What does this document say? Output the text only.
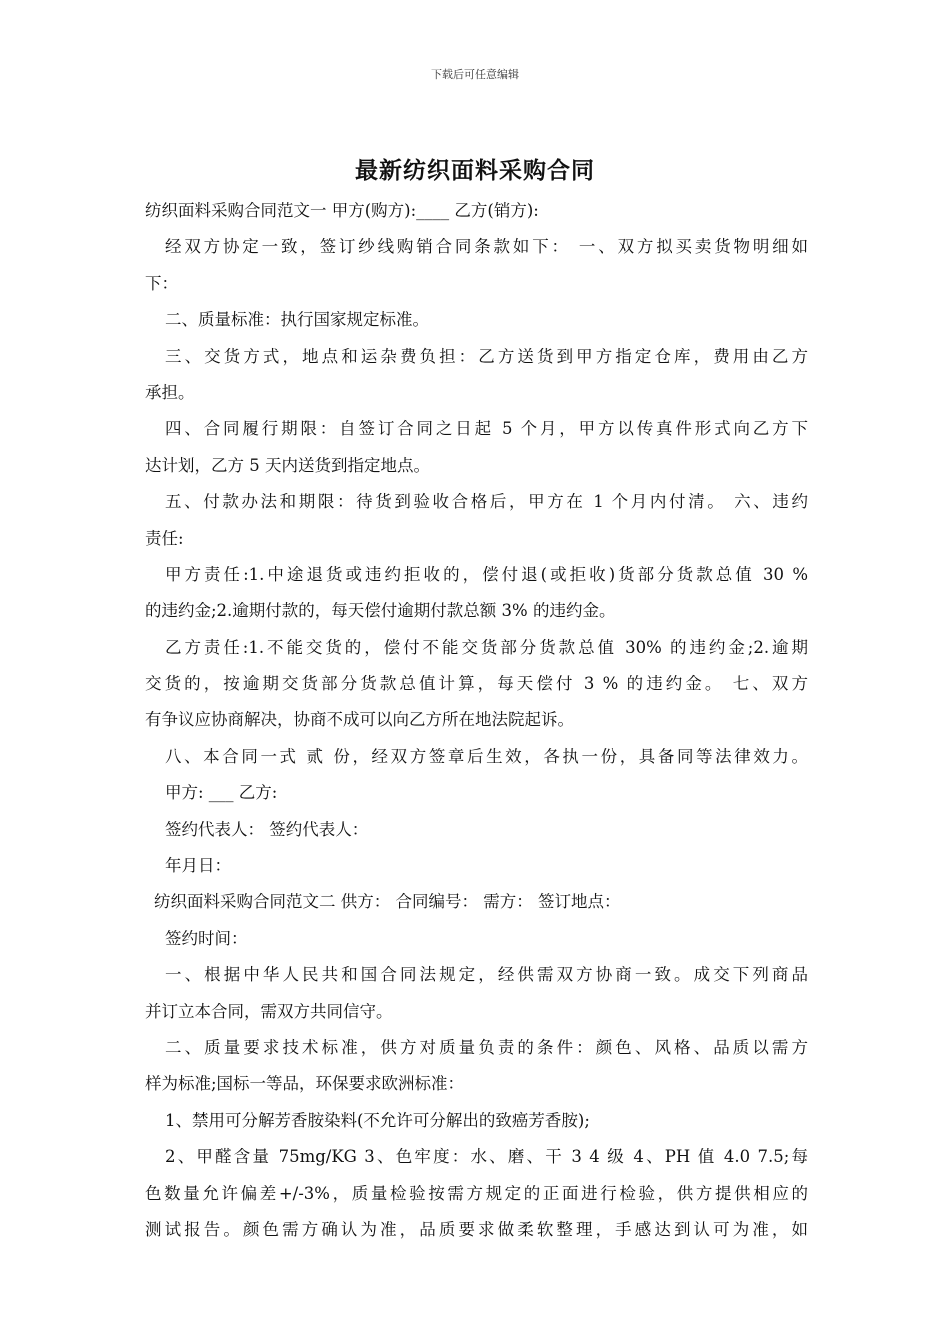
下载后可任意编辑
最新纺织面料采购合同
纺织面料采购合同范文一 甲方(购方):____ 乙方(销方):
经双方协定一致，签订纱线购销合同条款如下： 一、双方拟买卖货物明细如
下：
二、质量标准：执行国家规定标准。
三、交货方式，地点和运杂费负担：乙方送货到甲方指定仓库，费用由乙方
承担。
四、合同履行期限：自签订合同之日起 5 个月，甲方以传真件形式向乙方下
达计划，乙方 5 天内送货到指定地点。
五、付款办法和期限：待货到验收合格后，甲方在 1 个月内付清。 六、违约
责任:
甲方责任:1.中途退货或违约拒收的，偿付退(或拒收)货部分货款总值 30 %
的违约金;2.逾期付款的，每天偿付逾期付款总额 3% 的违约金。
乙方责任:1.不能交货的，偿付不能交货部分货款总值 30% 的违约金;2.逾期
交货的，按逾期交货部分货款总值计算，每天偿付 3 % 的违约金。 七、双方
有争议应协商解决，协商不成可以向乙方所在地法院起诉。
八、本合同一式 贰 份，经双方签章后生效，各执一份，具备同等法律效力。
甲方: ___ 乙方:
签约代表人： 签约代表人：
年月日：
纺织面料采购合同范文二 供方： 合同编号： 需方： 签订地点：
签约时间：
一、根据中华人民共和国合同法规定，经供需双方协商一致。成交下列商品
并订立本合同，需双方共同信守。
二、质量要求技术标准，供方对质量负责的条件：颜色、风格、品质以需方
样为标准;国标一等品，环保要求欧洲标准：
1、禁用可分解芳香胺染料(不允许可分解出的致癌芳香胺);
2、甲醛含量 75mg/KG 3、色牢度：水、磨、干 3 4 级 4、PH 值 4.0 7.5;每
色数量允许偏差+/-3%，质量检验按需方规定的正面进行检验，供方提供相应的
测试报告。颜色需方确认为准，品质要求做柔软整理，手感达到认可为准，如
